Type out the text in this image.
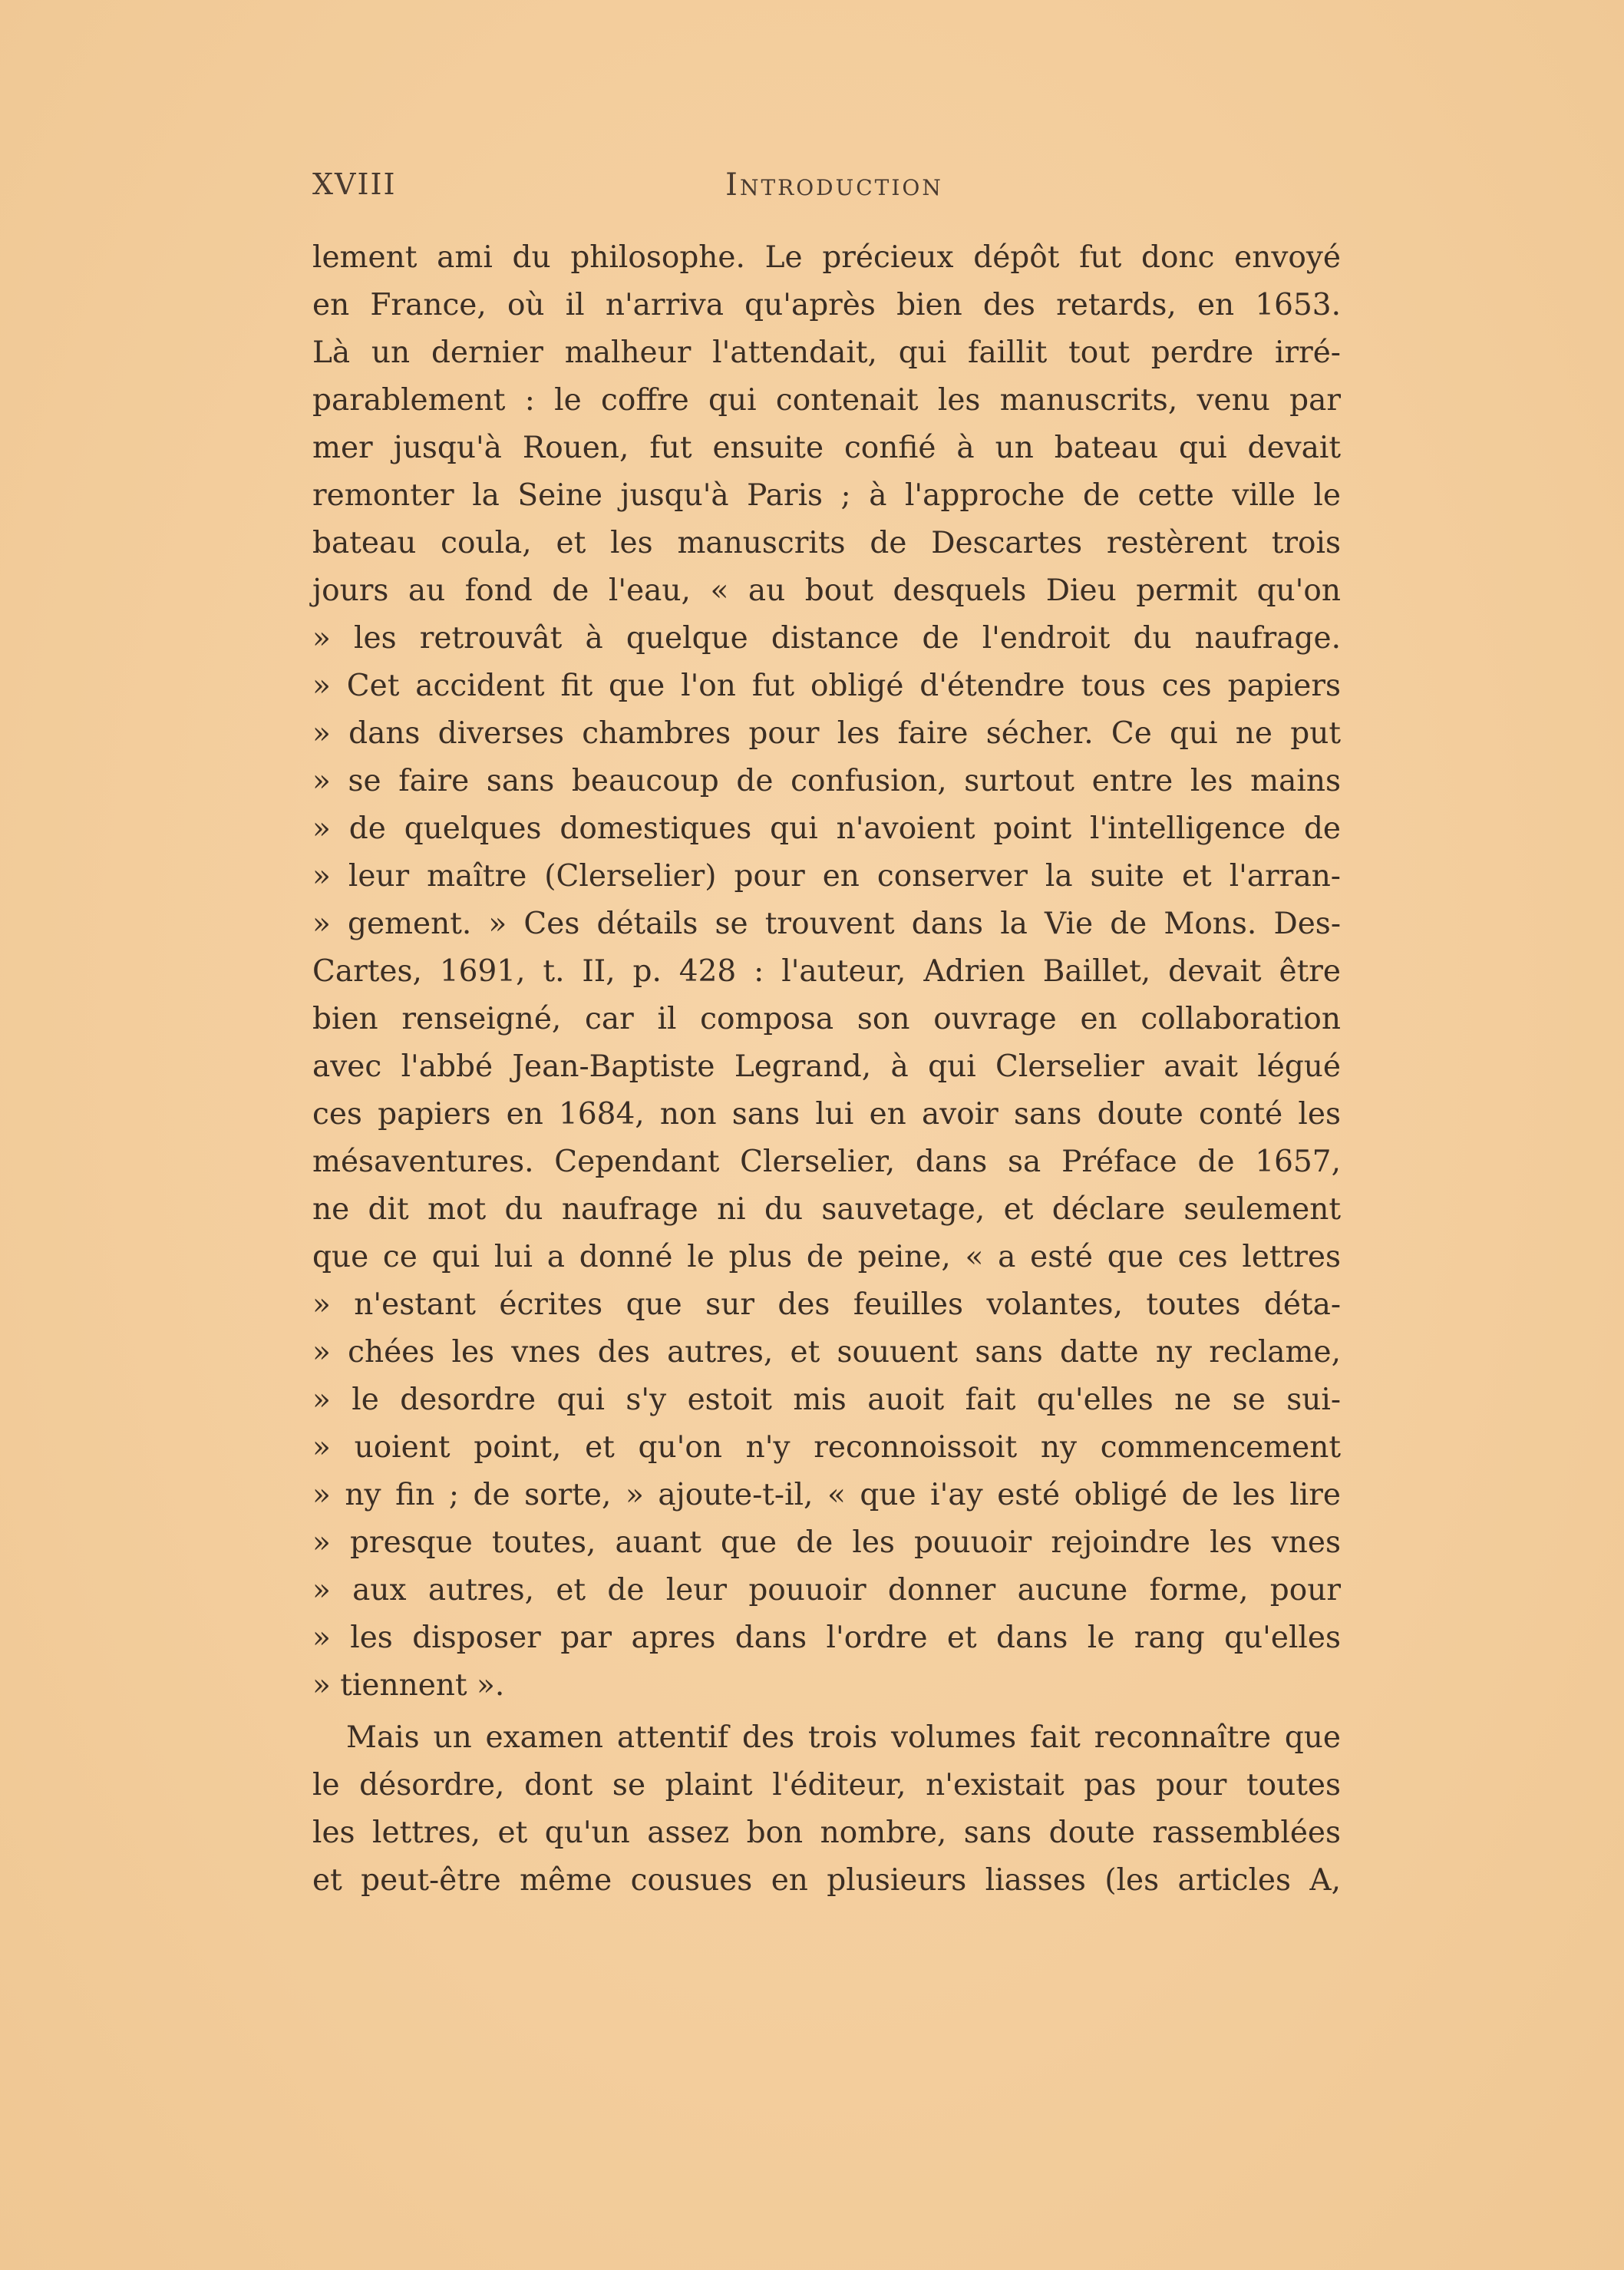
XVIII	Introduction
lement ami du philosophe. Le précieux dépôt fut donc envoyé
en France, où il n'arriva qu'après bien des retards, en 1653.
Là un dernier malheur l'attendait, qui faillit tout perdre irré-
parablement : le coffre qui contenait les manuscrits, venu par
mer jusqu'à Rouen, fut ensuite confié à un bateau qui devait
remonter la Seine jusqu'à Paris ; à l'approche de cette ville le
bateau coula, et les manuscrits de Descartes restèrent trois
jours au fond de l'eau, « au bout desquels Dieu permit qu'on
» les retrouvât à quelque distance de l'endroit du naufrage.
» Cet accident fit que l'on fut obligé d'étendre tous ces papiers
» dans diverses chambres pour les faire sécher. Ce qui ne put
» se faire sans beaucoup de confusion, surtout entre les mains
» de quelques domestiques qui n'avoient point l'intelligence de
» leur maître (Clerselier) pour en conserver la suite et l'arran-
» gement. » Ces détails se trouvent dans la Vie de Mons. Des-
Cartes, 1691, t. II, p. 428 : l'auteur, Adrien Baillet, devait être
bien renseigné, car il composa son ouvrage en collaboration
avec l'abbé Jean-Baptiste Legrand, à qui Clerselier avait légué
ces papiers en 1684, non sans lui en avoir sans doute conté les
mésaventures. Cependant Clerselier, dans sa Préface de 1657,
ne dit mot du naufrage ni du sauvetage, et déclare seulement
que ce qui lui a donné le plus de peine, « a esté que ces lettres
» n'estant écrites que sur des feuilles volantes, toutes déta-
» chées les vnes des autres, et souuent sans datte ny reclame,
» le desordre qui s'y estoit mis auoit fait qu'elles ne se sui-
» uoient point, et qu'on n'y reconnoissoit ny commencement
» ny fin ; de sorte, » ajoute-t-il, « que i'ay esté obligé de les lire
» presque toutes, auant que de les pouuoir rejoindre les vnes
» aux autres, et de leur pouuoir donner aucune forme, pour
» les disposer par apres dans l'ordre et dans le rang qu'elles
» tiennent ».
Mais un examen attentif des trois volumes fait reconnaître que
le désordre, dont se plaint l'éditeur, n'existait pas pour toutes
les lettres, et qu'un assez bon nombre, sans doute rassemblées
et peut-être même cousues en plusieurs liasses (les articles A,
